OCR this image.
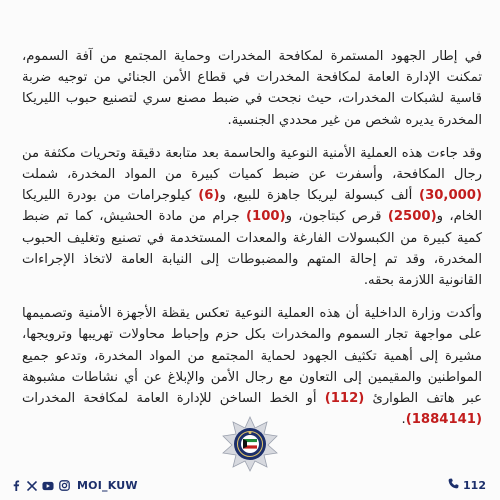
في إطار الجهود المستمرة لمكافحة المخدرات وحماية المجتمع من آفة السموم، تمكنت الإدارة العامة لمكافحة المخدرات في قطاع الأمن الجنائي من توجيه ضربة قاسية لشبكات المخدرات، حيث نجحت في ضبط مصنع سري لتصنيع حبوب الليريكا المخدرة يديره شخص من غير محددي الجنسية.

وقد جاءت هذه العملية الأمنية النوعية والحاسمة بعد متابعة دقيقة وتحريات مكثفة من رجال المكافحة، وأسفرت عن ضبط كميات كبيرة من المواد المخدرة، شملت (30,000) ألف كبسولة ليريكا جاهزة للبيع، و(6) كيلوجرامات من بودرة الليريكا الخام، و(2500) قرص كبتاجون، و(100) جرام من مادة الحشيش، كما تم ضبط كمية كبيرة من الكبسولات الفارغة والمعدات المستخدمة في تصنيع وتغليف الحبوب المخدرة، وقد تم إحالة المتهم والمضبوطات إلى النيابة العامة لاتخاذ الإجراءات القانونية اللازمة بحقه.

وأكدت وزارة الداخلية أن هذه العملية النوعية تعكس يقظة الأجهزة الأمنية وتصميمها على مواجهة تجار السموم والمخدرات بكل حزم وإحباط محاولات تهريبها وترويجها، مشيرة إلى أهمية تكثيف الجهود لحماية المجتمع من المواد المخدرة، وتدعو جميع المواطنين والمقيمين إلى التعاون مع رجال الأمن والإبلاغ عن أي نشاطات مشبوهة عبر هاتف الطوارئ (112) أو الخط الساخن للإدارة العامة لمكافحة المخدرات (1884141).

MOI_KUW	112
